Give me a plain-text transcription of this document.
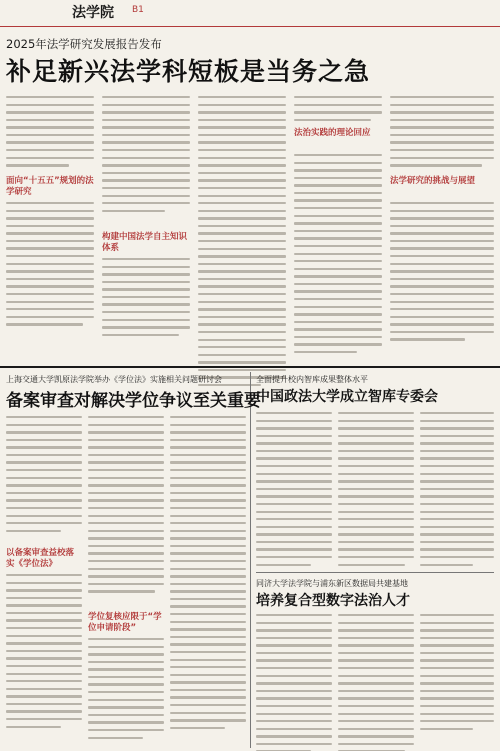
法学院 B1
2025年法学研究发展报告发布
补足新兴法学科短板是当务之急
面向“十五五”规划的法学研究
构建中国法学自主知识体系
法治实践的理论回应
法学研究的挑战与展望
上海交通大学凯原法学院举办《学位法》实施相关问题研讨会
备案审查对解决学位争议至关重要
以备案审查益校落实《学位法》
学位复核应限于“学位申请阶段”
全面提升校内智库成果整体水平
中国政法大学成立智库专委会
同济大学法学院与浦东新区数据局共建基地
培养复合型数字法治人才
